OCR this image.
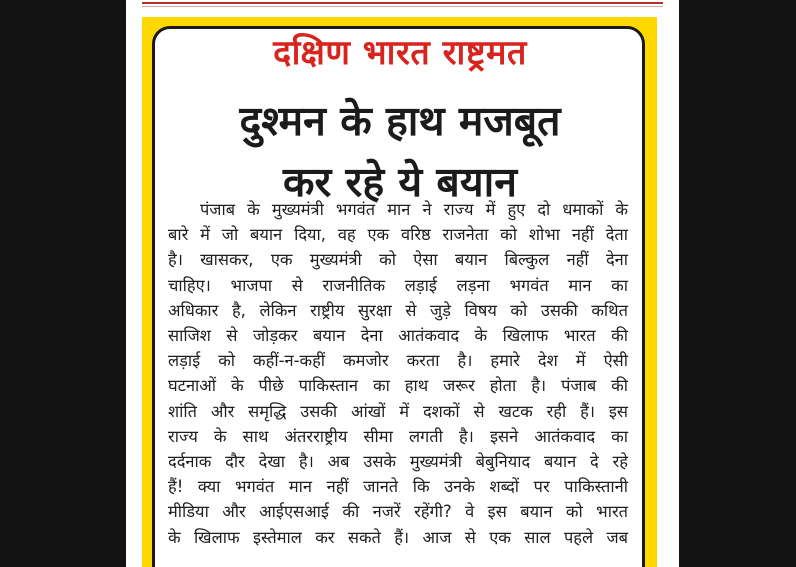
दक्षिण भारत राष्ट्रमत
दुश्मन के हाथ मजबूत
कर रहे ये बयान
पंजाब के मुख्यमंत्री भगवंत मान ने राज्य में हुए दो धमाकों के
बारे में जो बयान दिया, वह एक वरिष्ठ राजनेता को शोभा नहीं देता
है। खासकर, एक मुख्यमंत्री को ऐसा बयान बिल्कुल नहीं देना
चाहिए। भाजपा से राजनीतिक लड़ाई लड़ना भगवंत मान का
अधिकार है, लेकिन राष्ट्रीय सुरक्षा से जुड़े विषय को उसकी कथित
साजिश से जोड़कर बयान देना आतंकवाद के खिलाफ भारत की
लड़ाई को कहीं-न-कहीं कमजोर करता है। हमारे देश में ऐसी
घटनाओं के पीछे पाकिस्तान का हाथ जरूर होता है। पंजाब की
शांति और समृद्धि उसकी आंखों में दशकों से खटक रही हैं। इस
राज्य के साथ अंतरराष्ट्रीय सीमा लगती है। इसने आतंकवाद का
दर्दनाक दौर देखा है। अब उसके मुख्यमंत्री बेबुनियाद बयान दे रहे
हैं! क्या भगवंत मान नहीं जानते कि उनके शब्दों पर पाकिस्तानी
मीडिया और आईएसआई की नजरें रहेंगी? वे इस बयान को भारत
के खिलाफ इस्तेमाल कर सकते हैं। आज से एक साल पहले जब
